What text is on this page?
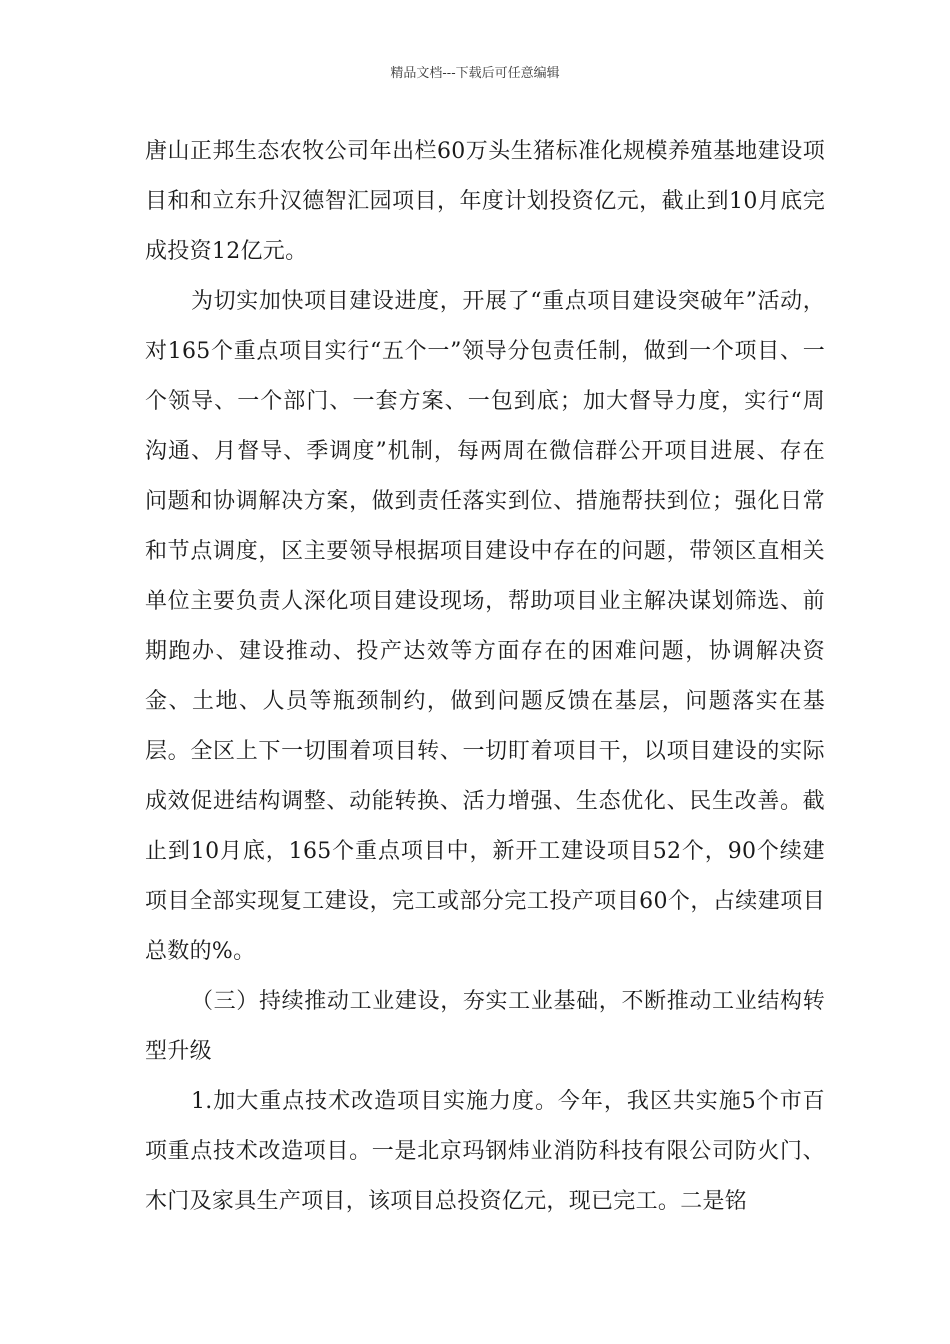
精品文档---下载后可任意编辑

唐山正邦生态农牧公司年出栏60万头生猪标准化规模养殖基地建设项目和和立东升汉德智汇园项目，年度计划投资亿元，截止到10月底完成投资12亿元。

为切实加快项目建设进度，开展了“重点项目建设突破年”活动，对165个重点项目实行“五个一”领导分包责任制，做到一个项目、一个领导、一个部门、一套方案、一包到底；加大督导力度，实行“周沟通、月督导、季调度”机制，每两周在微信群公开项目进展、存在问题和协调解决方案，做到责任落实到位、措施帮扶到位；强化日常和节点调度，区主要领导根据项目建设中存在的问题，带领区直相关单位主要负责人深化项目建设现场，帮助项目业主解决谋划筛选、前期跑办、建设推动、投产达效等方面存在的困难问题，协调解决资金、土地、人员等瓶颈制约，做到问题反馈在基层，问题落实在基层。全区上下一切围着项目转、一切盯着项目干，以项目建设的实际成效促进结构调整、动能转换、活力增强、生态优化、民生改善。截止到10月底，165个重点项目中，新开工建设项目52个，90个续建项目全部实现复工建设，完工或部分完工投产项目60个，占续建项目总数的%。

（三）持续推动工业建设，夯实工业基础，不断推动工业结构转型升级

1.加大重点技术改造项目实施力度。今年，我区共实施5个市百项重点技术改造项目。一是北京玛钢炜业消防科技有限公司防火门、木门及家具生产项目，该项目总投资亿元，现已完工。二是铭
